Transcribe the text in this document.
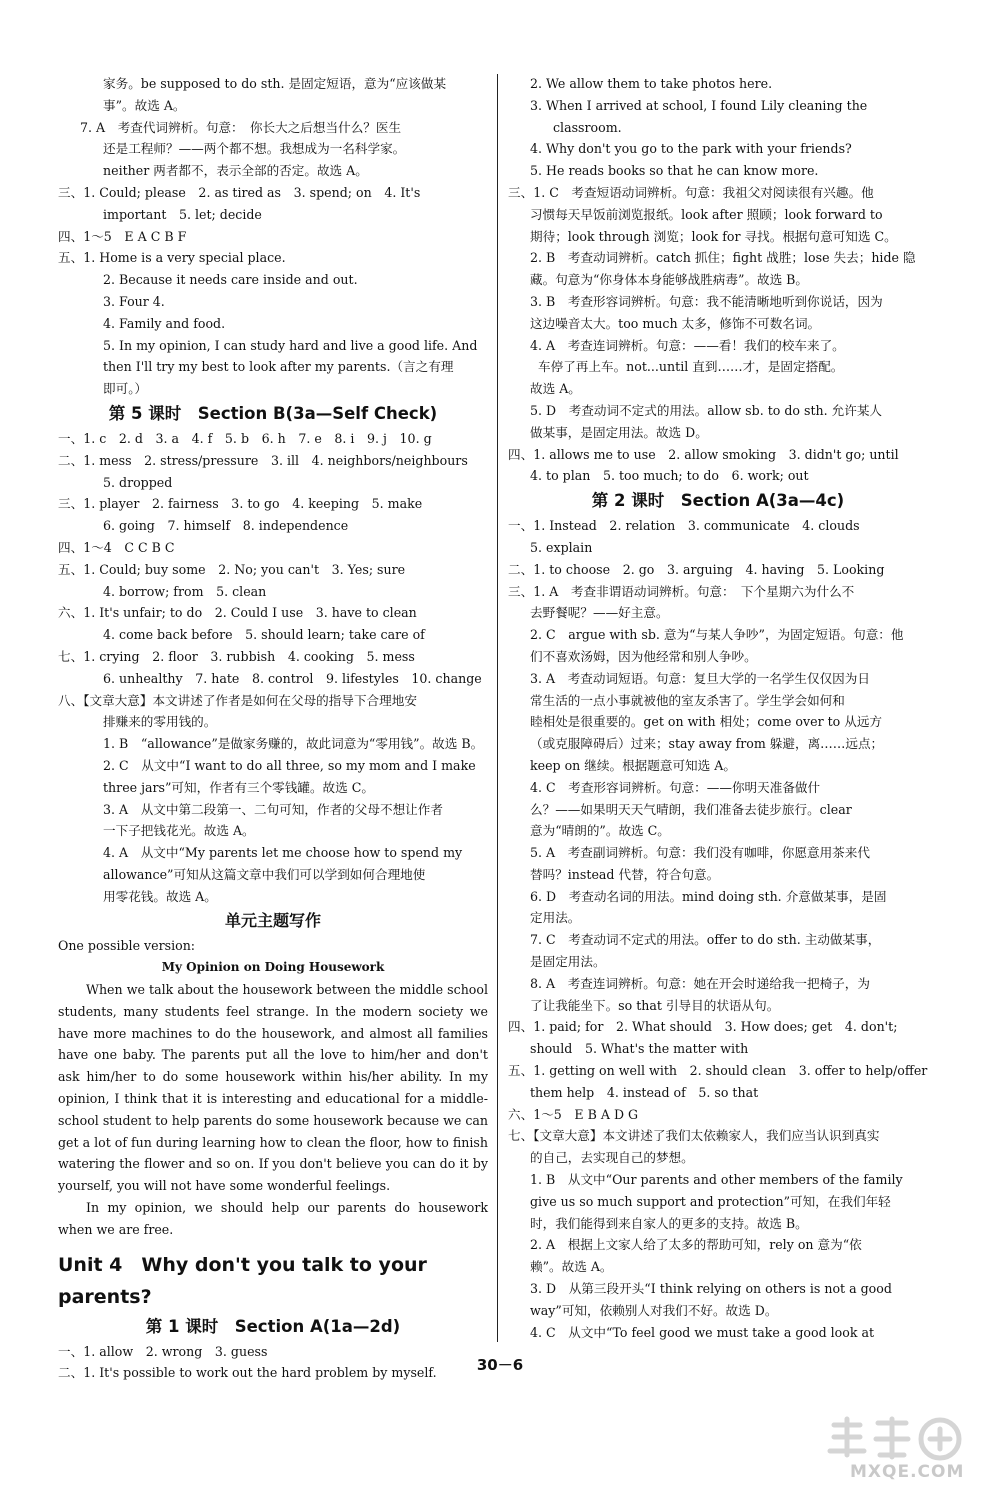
家务。be supposed to do sth. 是固定短语，意为“应该做某
事”。故选 A。
7. A　考查代词辨析。句意：　你长大之后想当什么？医生
还是工程师？——两个都不想。我想成为一名科学家。
neither 两者都不，表示全部的否定。故选 A。
三、1. Could; please　2. as tired as　3. spend; on　4. It's
important　5. let; decide
四、1～5　E A C B F
五、1. Home is a very special place.
2. Because it needs care inside and out.
3. Four 4.
4. Family and food.
5. In my opinion, I can study hard and live a good life. And
then I'll try my best to look after my parents.（言之有理
即可。）
第 5 课时　Section B(3a—Self Check)
一、1. c　2. d　3. a　4. f　5. b　6. h　7. e　8. i　9. j　10. g
二、1. mess　2. stress/pressure　3. ill　4. neighbors/neighbours
5. dropped
三、1. player　2. fairness　3. to go　4. keeping　5. make
6. going　7. himself　8. independence
四、1～4　C C B C
五、1. Could; buy some　2. No; you can't　3. Yes; sure
4. borrow; from　5. clean
六、1. It's unfair; to do　2. Could I use　3. have to clean
4. come back before　5. should learn; take care of
七、1. crying　2. floor　3. rubbish　4. cooking　5. mess
6. unhealthy　7. hate　8. control　9. lifestyles　10. change
八、【文章大意】本文讲述了作者是如何在父母的指导下合理地安
排赚来的零用钱的。
1. B　“allowance”是做家务赚的，故此词意为“零用钱”。故选 B。
2. C　从文中“I want to do all three, so my mom and I make
three jars”可知，作者有三个零钱罐。故选 C。
3. A　从文中第二段第一、二句可知，作者的父母不想让作者
一下子把钱花光。故选 A。
4. A　从文中“My parents let me choose how to spend my
allowance”可知从这篇文章中我们可以学到如何合理地使
用零花钱。故选 A。
单元主题写作
One possible version:
My Opinion on Doing Housework
When we talk about the housework between the middle school students, many students feel strange. In the modern society we have more machines to do the housework, and almost all families have one baby. The parents put all the love to him/her and don't ask him/her to do some housework within his/her ability. In my opinion, I think that it is interesting and educational for a middle-school student to help parents do some housework because we can get a lot of fun during learning how to clean the floor, how to finish watering the flower and so on. If you don't believe you can do it by yourself, you will not have some wonderful feelings.
In my opinion, we should help our parents do housework when we are free.
Unit 4　Why don't you talk to your parents?
第 1 课时　Section A(1a—2d)
一、1. allow　2. wrong　3. guess
二、1. It's possible to work out the hard problem by myself.
2. We allow them to take photos here.
3. When I arrived at school, I found Lily cleaning the
classroom.
4. Why don't you go to the park with your friends?
5. He reads books so that he can know more.
三、1. C　考查短语动词辨析。句意：我祖父对阅读很有兴趣。他
习惯每天早饭前浏览报纸。look after 照顾；look forward to
期待；look through 浏览；look for 寻找。根据句意可知选 C。
2. B　考查动词辨析。catch 抓住；fight 战胜；lose 失去；hide 隐
藏。句意为“你身体本身能够战胜病毒”。故选 B。
3. B　考查形容词辨析。句意：我不能清晰地听到你说话，因为
这边噪音太大。too much 太多，修饰不可数名词。
4. A　考查连词辨析。句意：——看！我们的校车来了。
车停了再上车。not...until 直到……才，是固定搭配。
故选 A。
5. D　考查动词不定式的用法。allow sb. to do sth. 允许某人
做某事，是固定用法。故选 D。
四、1. allows me to use　2. allow smoking　3. didn't go; until
4. to plan　5. too much; to do　6. work; out
第 2 课时　Section A(3a—4c)
一、1. Instead　2. relation　3. communicate　4. clouds
5. explain
二、1. to choose　2. go　3. arguing　4. having　5. Looking
三、1. A　考查非谓语动词辨析。句意：　下个星期六为什么不
去野餐呢？——好主意。
2. C　argue with sb. 意为“与某人争吵”，为固定短语。句意：他
们不喜欢汤姆，因为他经常和别人争吵。
3. A　考查动词短语。句意：复旦大学的一名学生仅仅因为日
常生活的一点小事就被他的室友杀害了。学生学会如何和
睦相处是很重要的。get on with 相处；come over to 从远方
（或克服障碍后）过来；stay away from 躲避，离……远点；
keep on 继续。根据题意可知选 A。
4. C　考查形容词辨析。句意：——你明天准备做什
么？——如果明天天气晴朗，我们准备去徒步旅行。clear
意为“晴朗的”。故选 C。
5. A　考查副词辨析。句意：我们没有咖啡，你愿意用茶来代
替吗？instead 代替，符合句意。
6. D　考查动名词的用法。mind doing sth. 介意做某事，是固
定用法。
7. C　考查动词不定式的用法。offer to do sth. 主动做某事，
是固定用法。
8. A　考查连词辨析。句意：她在开会时递给我一把椅子，为
了让我能坐下。so that 引导目的状语从句。
四、1. paid; for　2. What should　3. How does; get　4. don't;
should　5. What's the matter with
五、1. getting on well with　2. should clean　3. offer to help/offer
them help　4. instead of　5. so that
六、1～5　E B A D G
七、【文章大意】本文讲述了我们太依赖家人，我们应当认识到真实
的自己，去实现自己的梦想。
1. B　从文中“Our parents and other members of the family
give us so much support and protection”可知，在我们年轻
时，我们能得到来自家人的更多的支持。故选 B。
2. A　根据上文家人给了太多的帮助可知，rely on 意为“依
赖”。故选 A。
3. D　从第三段开头“I think relying on others is not a good
way”可知，依赖别人对我们不好。故选 D。
4. C　从文中“To feel good we must take a good look at
30－6
MXQE.COM
